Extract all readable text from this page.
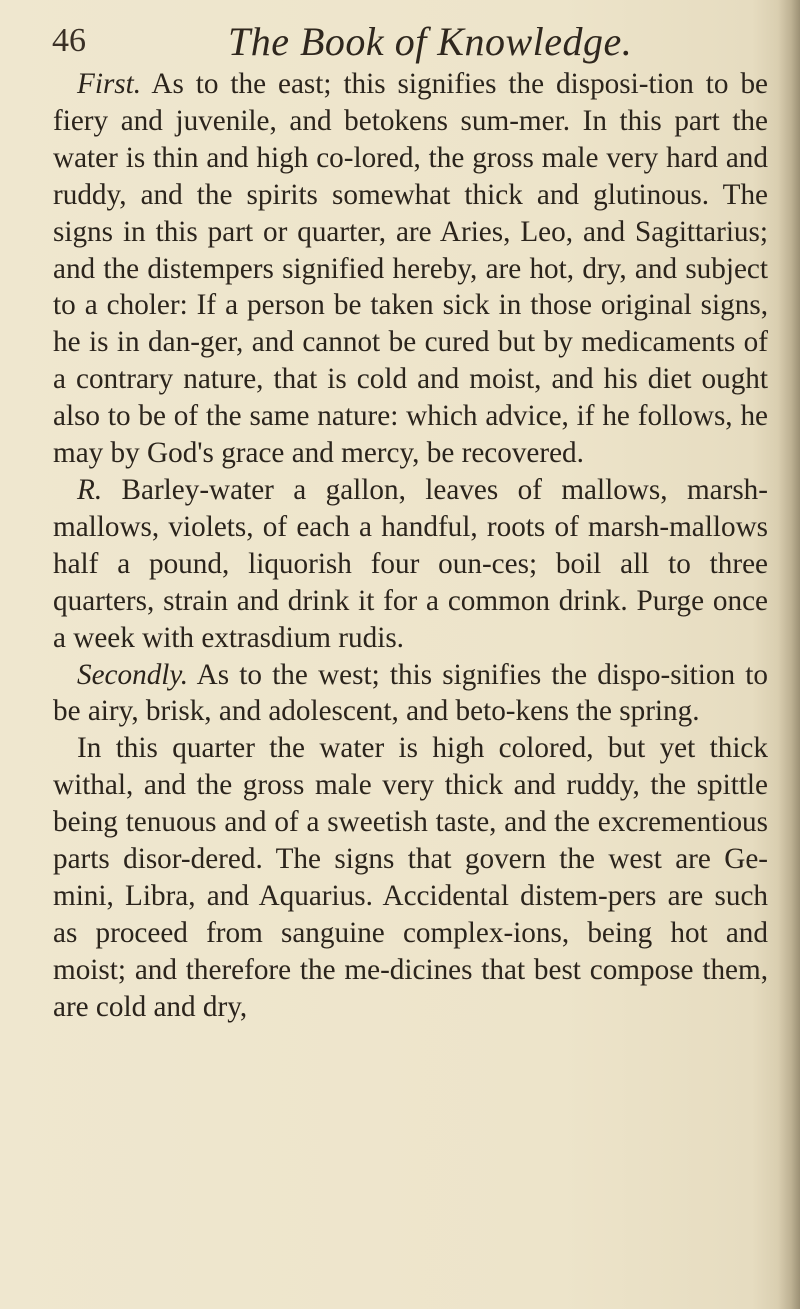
46	The Book of Knowledge.

First. As to the east; this signifies the disposi-tion to be fiery and juvenile, and betokens sum-mer. In this part the water is thin and high co-lored, the gross male very hard and ruddy, and the spirits somewhat thick and glutinous. The signs in this part or quarter, are Aries, Leo, and Sagittarius; and the distempers signified hereby, are hot, dry, and subject to a choler: If a person be taken sick in those original signs, he is in dan-ger, and cannot be cured but by medicaments of a contrary nature, that is cold and moist, and his diet ought also to be of the same nature: which advice, if he follows, he may by God's grace and mercy, be recovered.

R. Barley-water a gallon, leaves of mallows, marsh-mallows, violets, of each a handful, roots of marsh-mallows half a pound, liquorish four oun-ces; boil all to three quarters, strain and drink it for a common drink. Purge once a week with extrasdium rudis.

Secondly. As to the west; this signifies the dispo-sition to be airy, brisk, and adolescent, and beto-kens the spring.

In this quarter the water is high colored, but yet thick withal, and the gross male very thick and ruddy, the spittle being tenuous and of a sweetish taste, and the excrementious parts disor-dered. The signs that govern the west are Ge-mini, Libra, and Aquarius. Accidental distem-pers are such as proceed from sanguine complex-ions, being hot and moist; and therefore the me-dicines that best compose them, are cold and dry,
